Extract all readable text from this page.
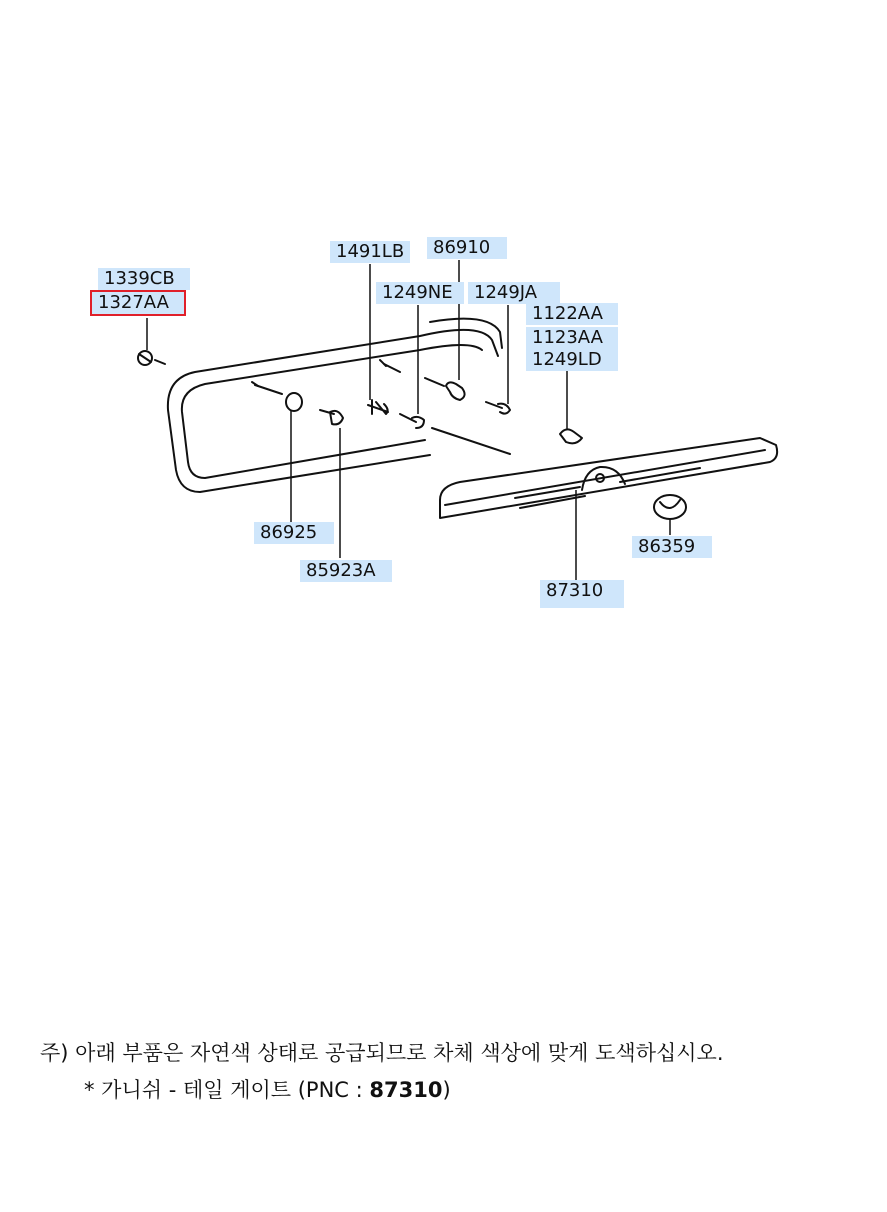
1339CB
1327AA
1491LB	86910
1249NE	1249JA
1122AA
1123AA
1249LD
86925
85923A
86359
87310
주) 아래 부품은 자연색 상태로 공급되므로 차체 색상에 맞게 도색하십시오.
* 가니쉬 - 테일 게이트 (PNC : 87310)
